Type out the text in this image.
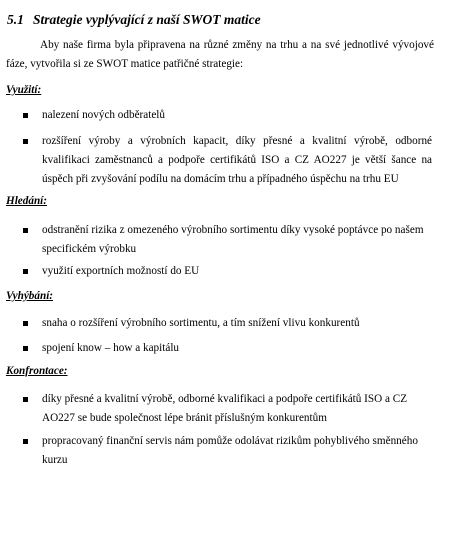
5.1 Strategie vyplývající z naší SWOT matice
Aby naše firma byla připravena na různé změny na trhu a na své jednotlivé vývojové
fáze, vytvořila si ze SWOT matice patřičné strategie:
Využití:
nalezení nových odběratelů
rozšíření výroby a výrobních kapacit, díky přesné a kvalitní výrobě, odborné
kvalifikaci zaměstnanců a podpoře certifikátů ISO a CZ AO227 je větší šance na
úspěch při zvyšování podílu na domácím trhu a případného úspěchu na trhu EU
Hledání:
odstranění rizika z omezeného výrobního sortimentu díky vysoké poptávce po našem
specifickém výrobku
využití exportních možností do EU
Vyhýbání:
snaha o rozšíření výrobního sortimentu, a tím snížení vlivu konkurentů
spojení know – how a kapitálu
Konfrontace:
díky přesné a kvalitní výrobě, odborné kvalifikaci a podpoře certifikátů ISO a CZ
AO227 se bude společnost lépe bránit příslušným konkurentům
propracovaný finanční servis nám pomůže odolávat rizikům pohyblivého směnného
kurzu
